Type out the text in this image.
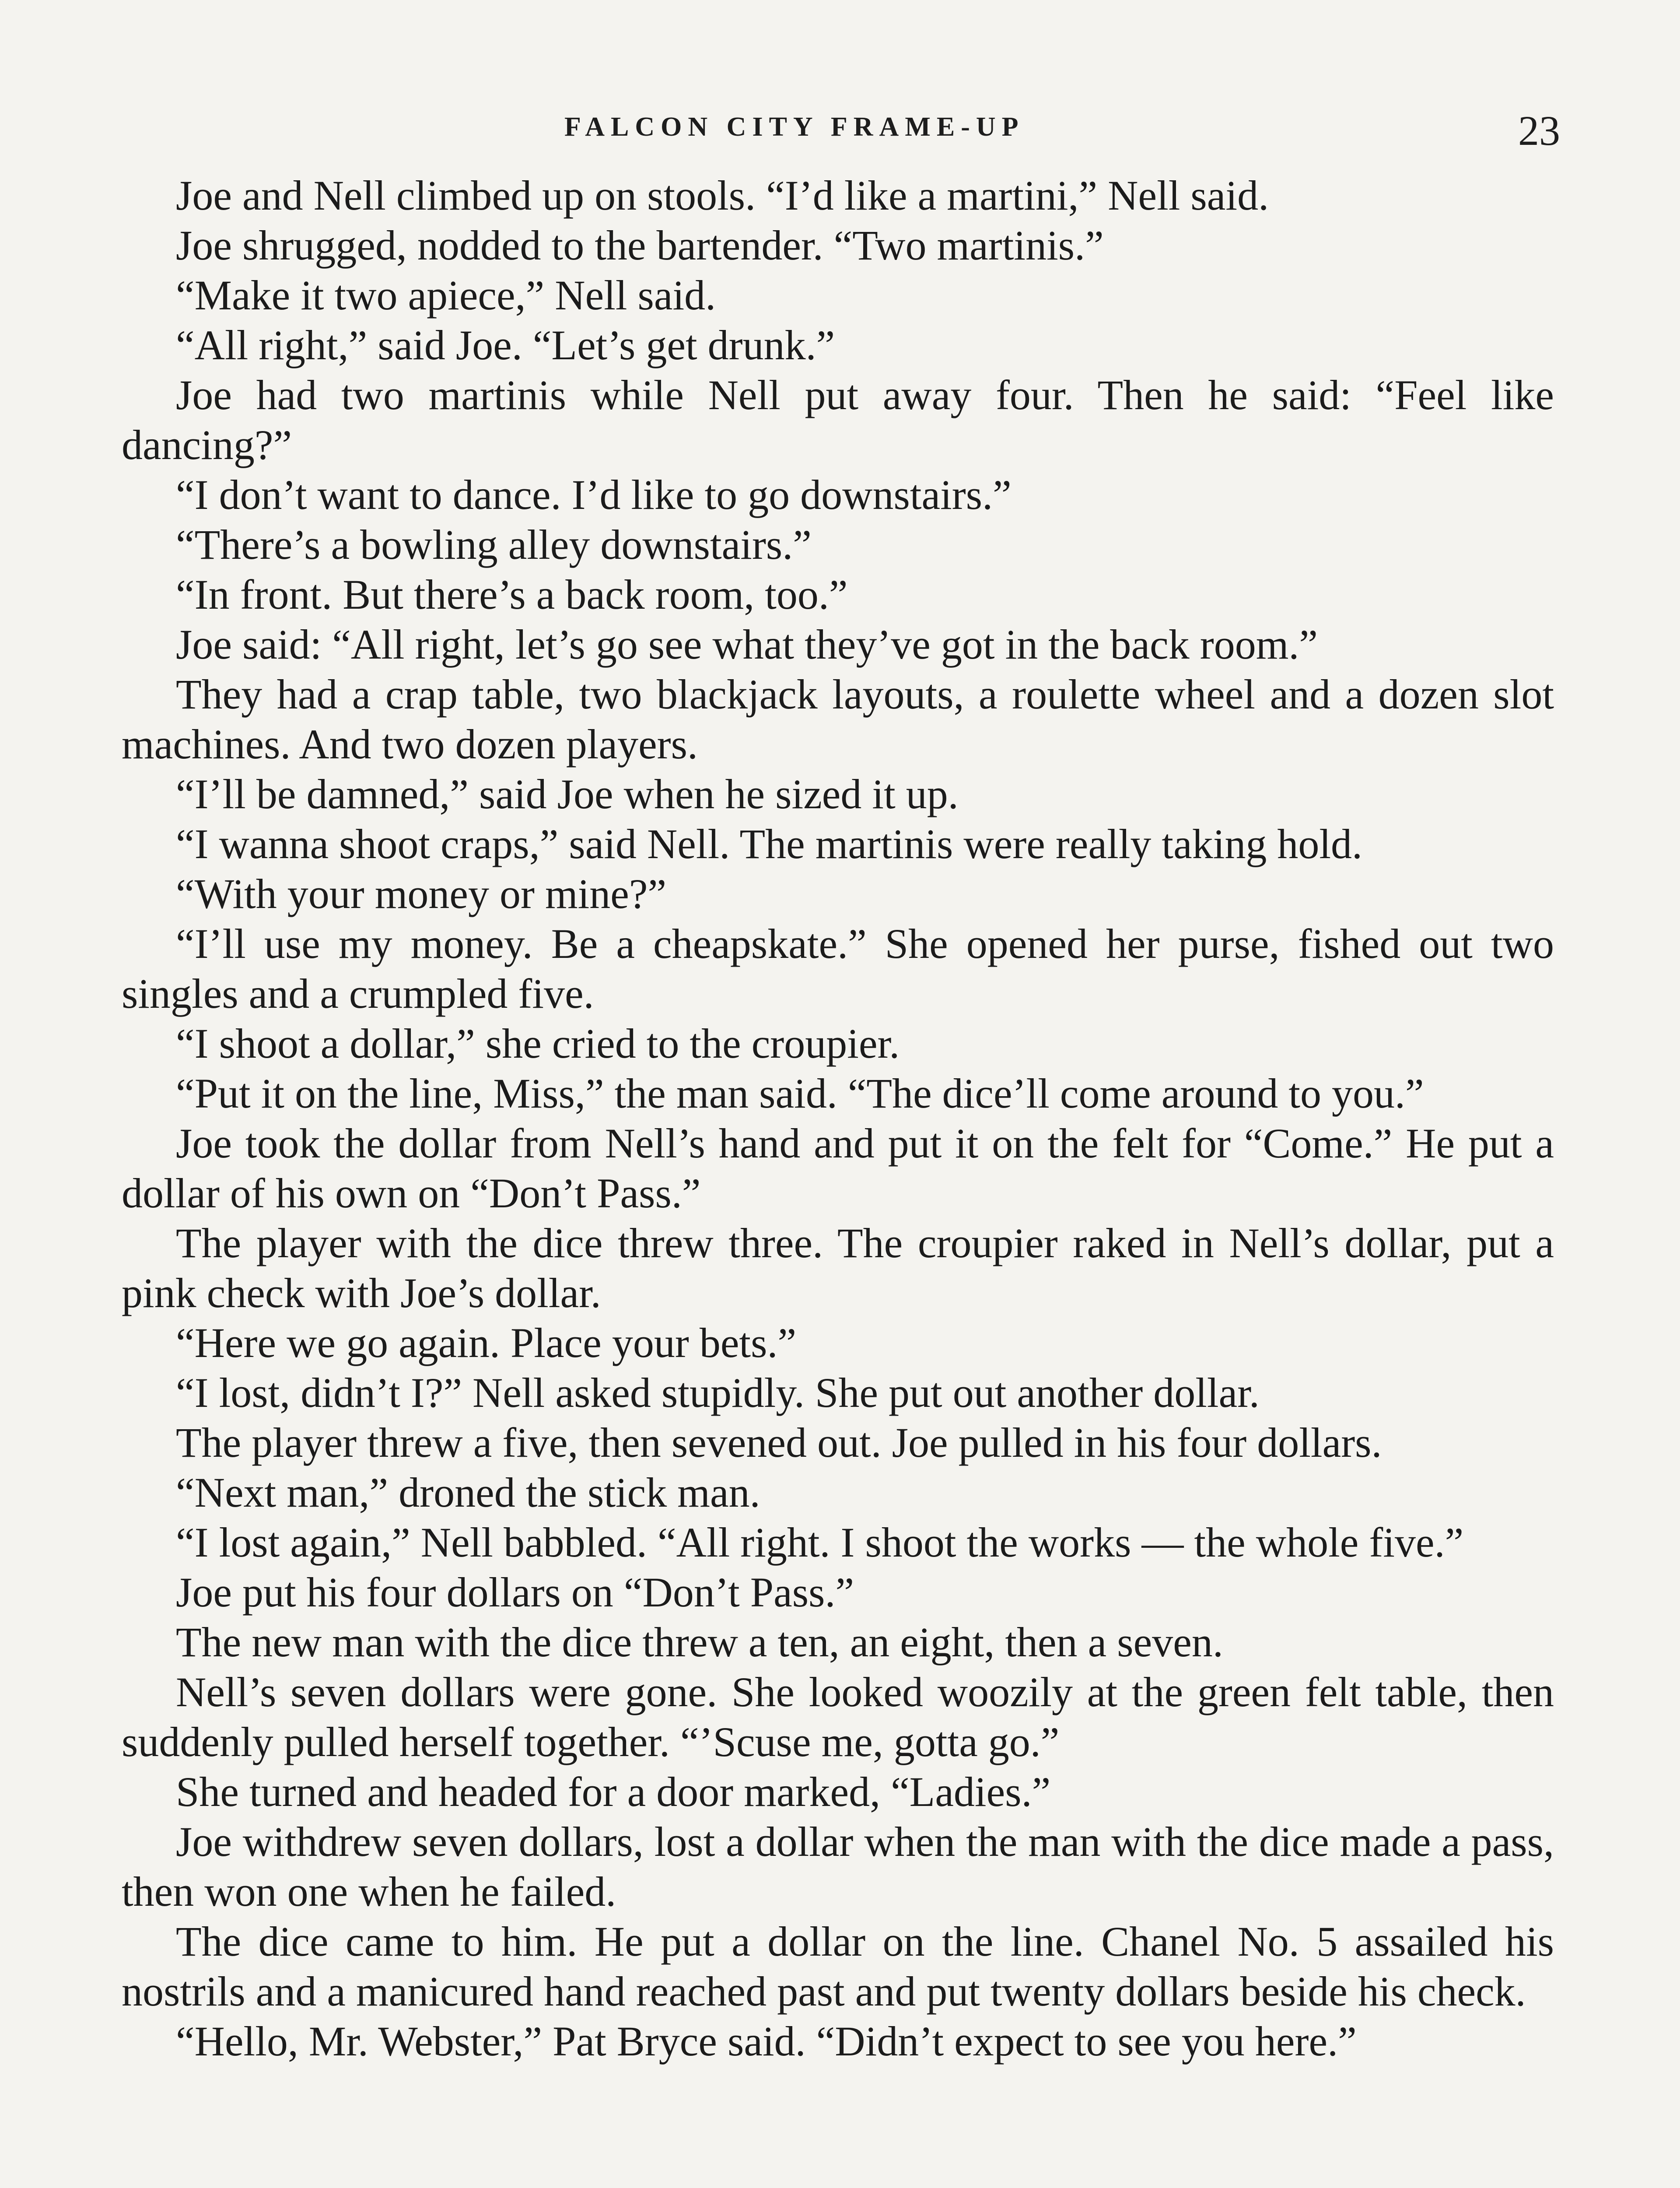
FALCON CITY FRAME-UP	23

Joe and Nell climbed up on stools. “I’d like a martini,” Nell said.

Joe shrugged, nodded to the bartender. “Two martinis.”

“Make it two apiece,” Nell said.

“All right,” said Joe. “Let’s get drunk.”

Joe had two martinis while Nell put away four. Then he said: “Feel like dancing?”

“I don’t want to dance. I’d like to go downstairs.”

“There’s a bowling alley downstairs.”

“In front. But there’s a back room, too.”

Joe said: “All right, let’s go see what they’ve got in the back room.”

They had a crap table, two blackjack layouts, a roulette wheel and a dozen slot machines. And two dozen players.

“I’ll be damned,” said Joe when he sized it up.

“I wanna shoot craps,” said Nell. The martinis were really taking hold.

“With your money or mine?”

“I’ll use my money. Be a cheapskate.” She opened her purse, fished out two singles and a crumpled five.

“I shoot a dollar,” she cried to the croupier.

“Put it on the line, Miss,” the man said. “The dice’ll come around to you.”

Joe took the dollar from Nell’s hand and put it on the felt for “Come.” He put a dollar of his own on “Don’t Pass.”

The player with the dice threw three. The croupier raked in Nell’s dollar, put a pink check with Joe’s dollar.

“Here we go again. Place your bets.”

“I lost, didn’t I?” Nell asked stupidly. She put out another dollar.

The player threw a five, then sevened out. Joe pulled in his four dollars.

“Next man,” droned the stick man.

“I lost again,” Nell babbled. “All right. I shoot the works — the whole five.”

Joe put his four dollars on “Don’t Pass.”

The new man with the dice threw a ten, an eight, then a seven.

Nell’s seven dollars were gone. She looked woozily at the green felt table, then suddenly pulled herself together. “’Scuse me, gotta go.”

She turned and headed for a door marked, “Ladies.”

Joe withdrew seven dollars, lost a dollar when the man with the dice made a pass, then won one when he failed.

The dice came to him. He put a dollar on the line. Chanel No. 5 assailed his nostrils and a manicured hand reached past and put twenty dollars beside his check.

“Hello, Mr. Webster,” Pat Bryce said. “Didn’t expect to see you here.”
